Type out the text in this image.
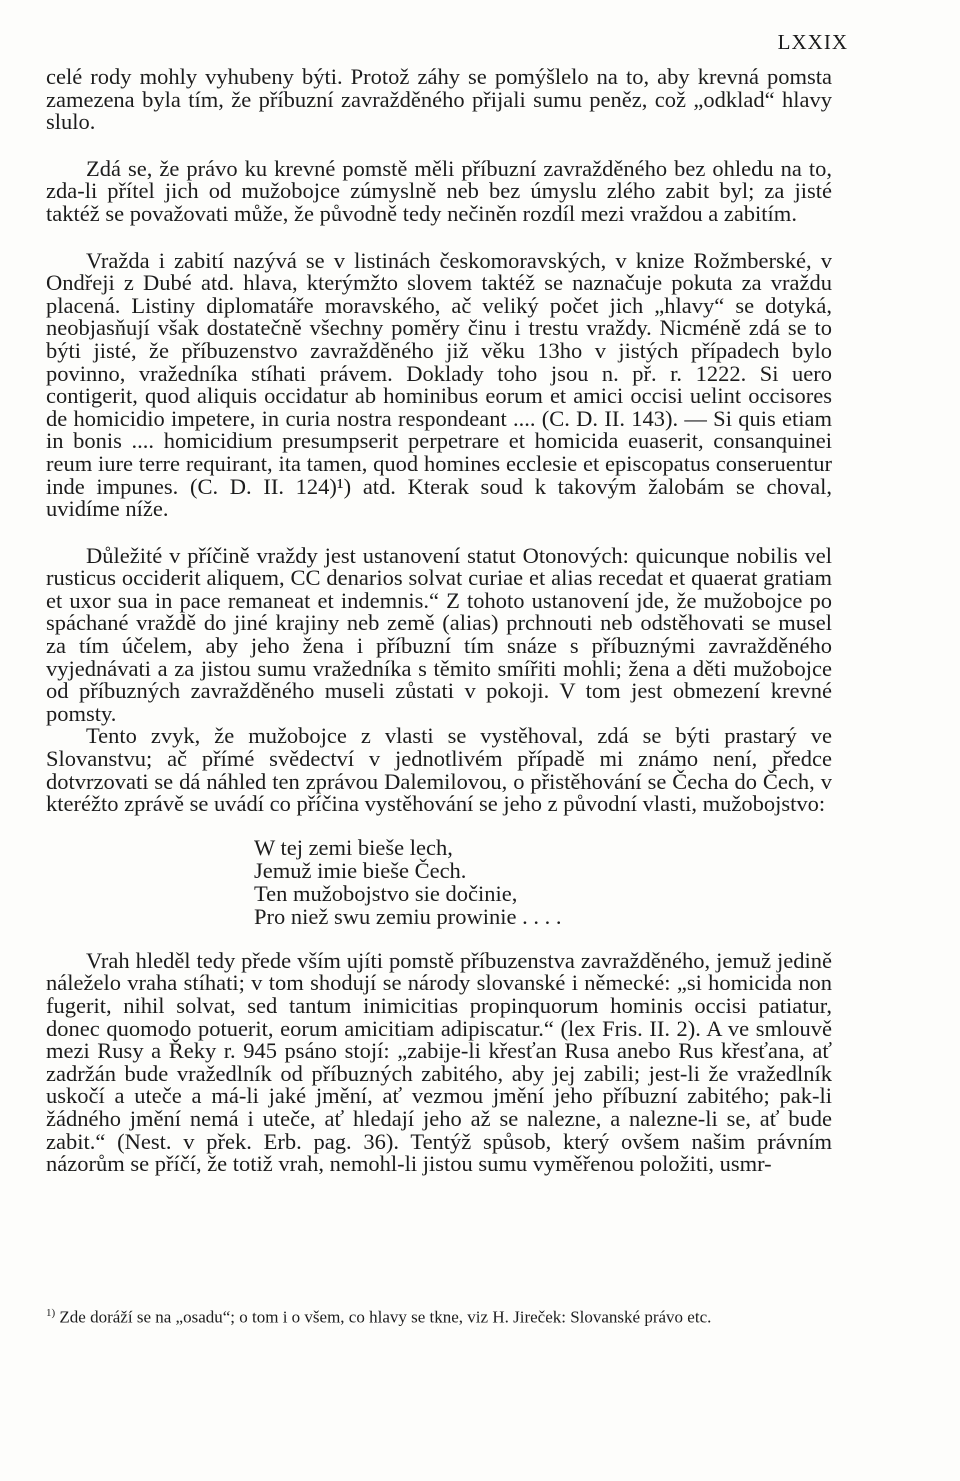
LXXIX

celé rody mohly vyhubeny býti. Protož záhy se pomýšlelo na to, aby krevná pomsta zamezena byla tím, že příbuzní zavražděného přijali sumu peněz, což „odklad“ hlavy slulo.

Zdá se, že právo ku krevné pomstě měli příbuzní zavražděného bez ohledu na to, zda-li přítel jich od mužobojce zúmyslně neb bez úmyslu zlého zabit byl; za jisté taktéž se považovati může, že původně tedy nečiněn rozdíl mezi vraždou a zabitím.

Vražda i zabití nazývá se v listinách českomoravských, v knize Rožmberské, v Ondřeji z Dubé atd. hlava, kterýmžto slovem taktéž se naznačuje pokuta za vraždu placená. Listiny diplomatáře moravského, ač veliký počet jich „hlavy“ se dotyká, neobjasňují však dostatečně všechny poměry činu i trestu vraždy. Nicméně zdá se to býti jisté, že příbuzenstvo zavražděného již věku 13ho v jistých případech bylo povinno, vražedníka stíhati právem. Doklady toho jsou n. př. r. 1222. Si uero contigerit, quod aliquis occidatur ab hominibus eorum et amici occisi uelint occisores de homicidio impetere, in curia nostra respondeant .... (C. D. II. 143). — Si quis etiam in bonis .... homicidium presumpserit perpetrare et homicida euaserit, consanquinei reum iure terre requirant, ita tamen, quod homines ecclesie et episcopatus conseruentur inde impunes. (C. D. II. 124)¹) atd. Kterak soud k takovým žalobám se choval, uvidíme níže.

Důležité v příčině vraždy jest ustanovení statut Otonových: quicunque nobilis vel rusticus occiderit aliquem, CC denarios solvat curiae et alias recedat et quaerat gratiam et uxor sua in pace remaneat et indemnis.“ Z tohoto ustanovení jde, že mužobojce po spáchané vraždě do jiné krajiny neb země (alias) prchnouti neb odstěhovati se musel za tím účelem, aby jeho žena i příbuzní tím snáze s příbuznými zavražděného vyjednávati a za jistou sumu vražedníka s těmito smířiti mohli; žena a děti mužobojce od příbuzných zavražděného museli zůstati v pokoji. V tom jest obmezení krevné pomsty.

Tento zvyk, že mužobojce z vlasti se vystěhoval, zdá se býti prastarý ve Slovanstvu; ač přímé svědectví v jednotlivém případě mi známo není, předce dotvrzovati se dá náhled ten zprávou Dalemilovou, o přistěhování se Čecha do Čech, v kteréžto zprávě se uvádí co příčina vystěhování se jeho z původní vlasti, mužobojstvo:

W tej zemi bieše lech,
Jemuž imie bieše Čech.
Ten mužobojstvo sie dočinie,
Pro niež swu zemiu prowinie . . . .

Vrah hleděl tedy přede vším ujíti pomstě příbuzenstva zavražděného, jemuž jedině náleželo vraha stíhati; v tom shodují se národy slovanské i německé: „si homicida non fugerit, nihil solvat, sed tantum inimicitias propinquorum hominis occisi patiatur, donec quomodo potuerit, eorum amicitiam adipiscatur.“ (lex Fris. II. 2). A ve smlouvě mezi Rusy a Řeky r. 945 psáno stojí: „zabije-li křesťan Rusa anebo Rus křesťana, ať zadržán bude vražedlník od příbuzných zabitého, aby jej zabili; jest-li že vražedlník uskočí a uteče a má-li jaké jmění, ať vezmou jmění jeho příbuzní zabitého; pak-li žádného jmění nemá i uteče, ať hledají jeho až se nalezne, a nalezne-li se, ať bude zabit.“ (Nest. v přek. Erb. pag. 36). Tentýž spůsob, který ovšem našim právním názorům se příčí, že totiž vrah, nemohl-li jistou sumu vyměřenou položiti, usmr-

$^{1)}$ Zde doráží se na „osadu“; o tom i o všem, co hlavy se tkne, viz H. Jireček: Slovanské právo etc.
